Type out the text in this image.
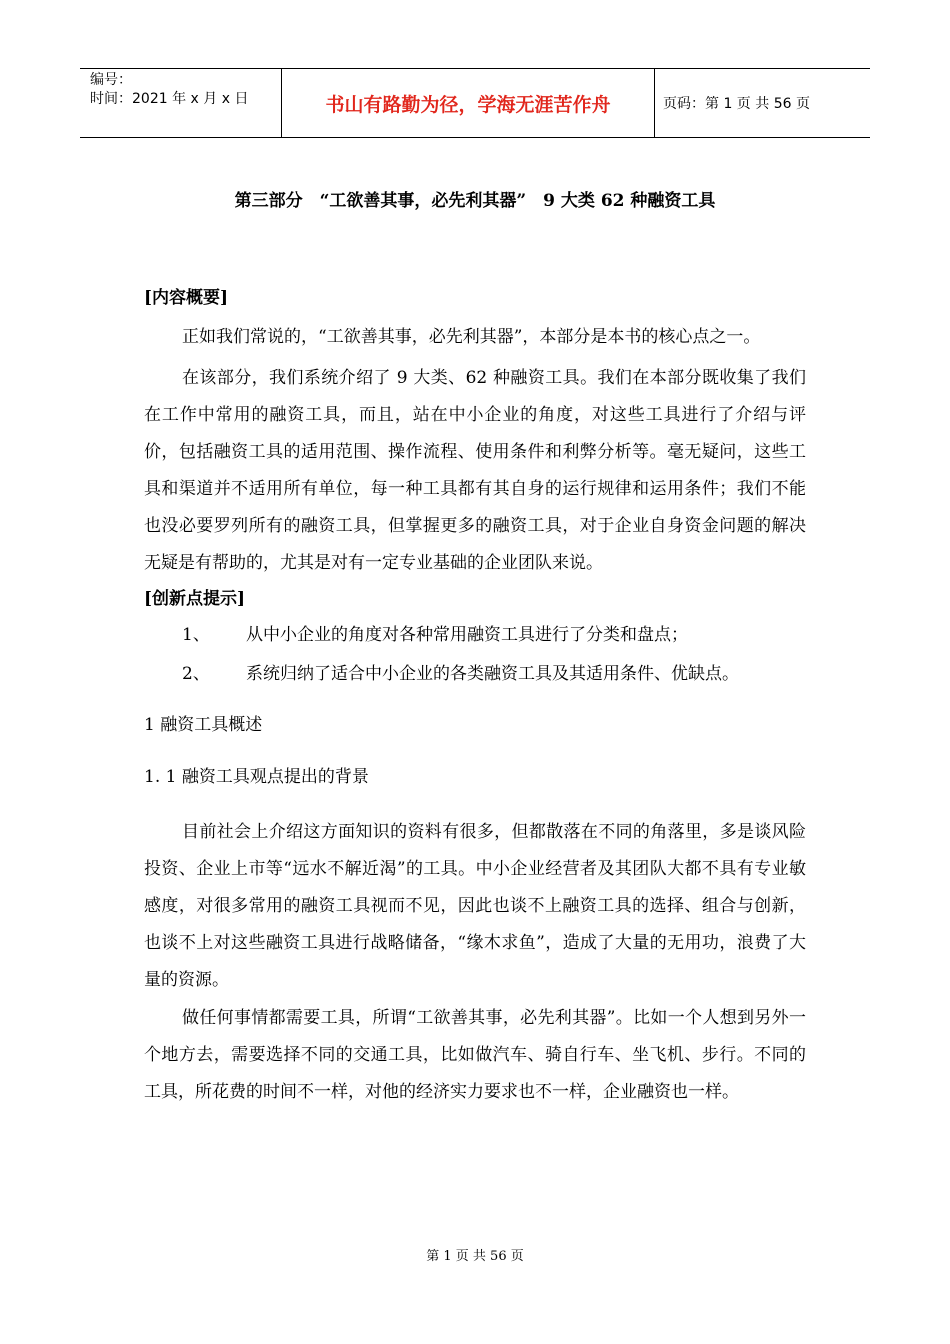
编号：
时间：2021 年 x 月 x 日	书山有路勤为径，学海无涯苦作舟	页码：第 1 页 共 56 页
第三部分　“工欲善其事，必先利其器”　9 大类 62 种融资工具
[内容概要]

正如我们常说的，“工欲善其事，必先利其器”，本部分是本书的核心点之一。

在该部分，我们系统介绍了 9 大类、62 种融资工具。我们在本部分既收集了我们在工作中常用的融资工具，而且，站在中小企业的角度，对这些工具进行了介绍与评价，包括融资工具的适用范围、操作流程、使用条件和利弊分析等。毫无疑问，这些工具和渠道并不适用所有单位，每一种工具都有其自身的运行规律和运用条件；我们不能也没必要罗列所有的融资工具，但掌握更多的融资工具，对于企业自身资金问题的解决无疑是有帮助的，尤其是对有一定专业基础的企业团队来说。

[创新点提示]
1、	从中小企业的角度对各种常用融资工具进行了分类和盘点；
2、	系统归纳了适合中小企业的各类融资工具及其适用条件、优缺点。
1 融资工具概述
1. 1 融资工具观点提出的背景

目前社会上介绍这方面知识的资料有很多，但都散落在不同的角落里，多是谈风险投资、企业上市等“远水不解近渴”的工具。中小企业经营者及其团队大都不具有专业敏感度，对很多常用的融资工具视而不见，因此也谈不上融资工具的选择、组合与创新，也谈不上对这些融资工具进行战略储备，“缘木求鱼”，造成了大量的无用功，浪费了大量的资源。

做任何事情都需要工具，所谓“工欲善其事，必先利其器”。比如一个人想到另外一个地方去，需要选择不同的交通工具，比如做汽车、骑自行车、坐飞机、步行。不同的工具，所花费的时间不一样，对他的经济实力要求也不一样，企业融资也一样。

第 1 页 共 56 页
